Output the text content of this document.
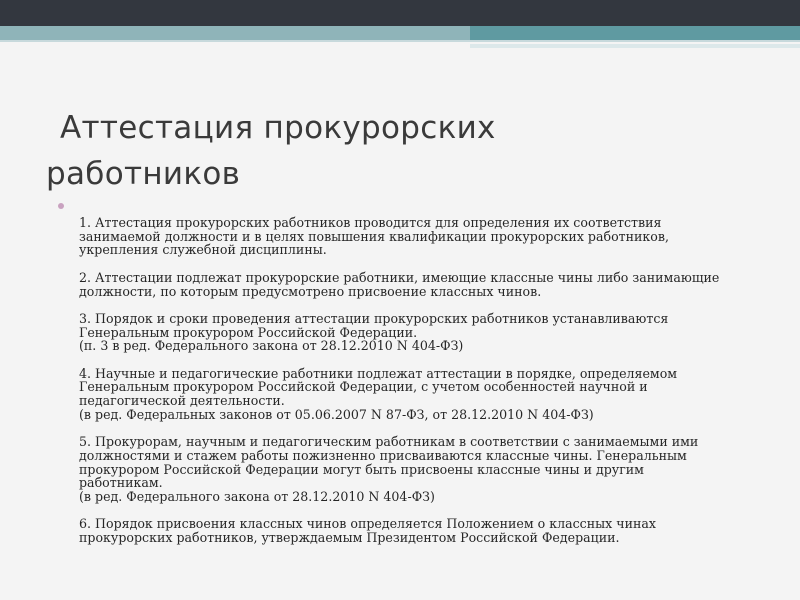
Аттестация прокурорских
работников
1. Аттестация прокурорских работников проводится для определения их соответствия
занимаемой должности и в целях повышения квалификации прокурорских работников,
укрепления служебной дисциплины.
2. Аттестации подлежат прокурорские работники, имеющие классные чины либо занимающие
должности, по которым предусмотрено присвоение классных чинов.
3. Порядок и сроки проведения аттестации прокурорских работников устанавливаются
Генеральным прокурором Российской Федерации.
(п. 3 в ред. Федерального закона от 28.12.2010 N 404-ФЗ)
4. Научные и педагогические работники подлежат аттестации в порядке, определяемом
Генеральным прокурором Российской Федерации, с учетом особенностей научной и
педагогической деятельности.
(в ред. Федеральных законов от 05.06.2007 N 87-ФЗ, от 28.12.2010 N 404-ФЗ)
5. Прокурорам, научным и педагогическим работникам в соответствии с занимаемыми ими
должностями и стажем работы пожизненно присваиваются классные чины. Генеральным
прокурором Российской Федерации могут быть присвоены классные чины и другим
работникам.
(в ред. Федерального закона от 28.12.2010 N 404-ФЗ)
6. Порядок присвоения классных чинов определяется Положением о классных чинах
прокурорских работников, утверждаемым Президентом Российской Федерации.
